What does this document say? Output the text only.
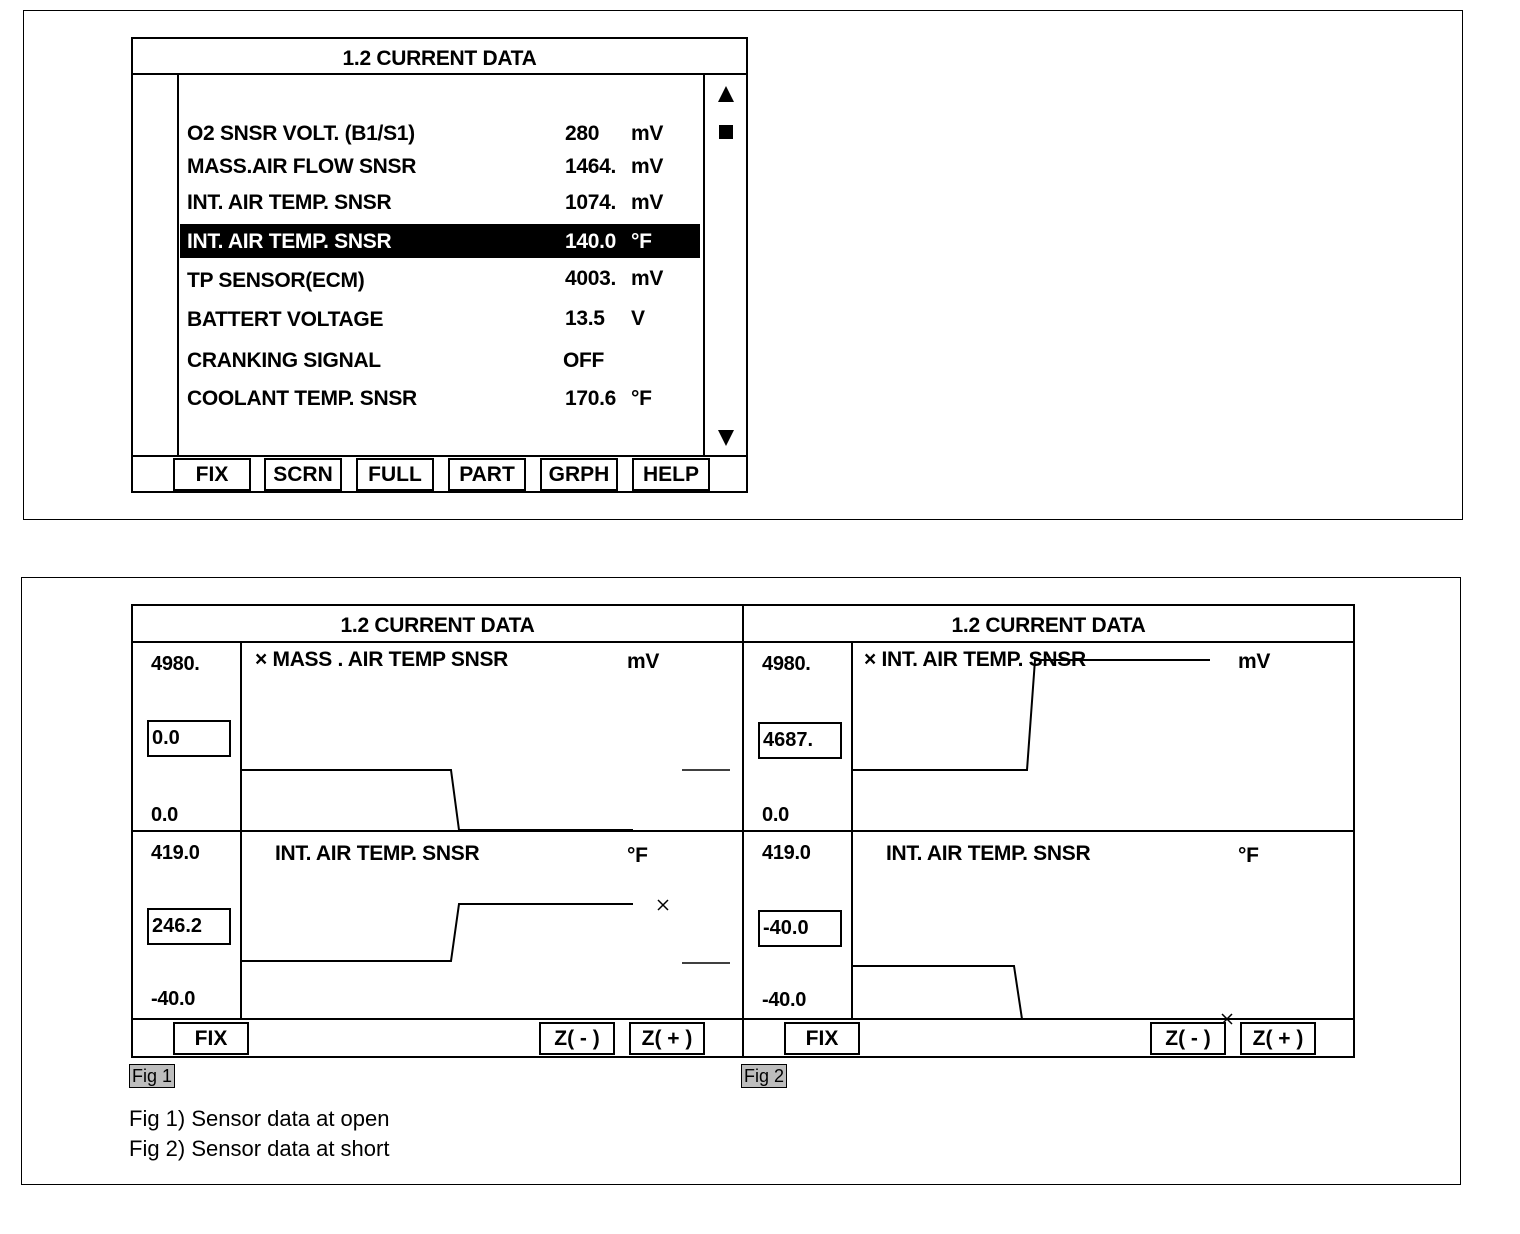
1.2 CURRENT DATA
O2 SNSR VOLT. (B1/S1)	280 mV
MASS.AIR FLOW SNSR	1464. mV
INT. AIR TEMP. SNSR	1074. mV
INT. AIR TEMP. SNSR	140.0 °F
TP SENSOR(ECM)	4003. mV
BATTERT VOLTAGE	13.5 V
CRANKING SIGNAL	OFF
COOLANT TEMP. SNSR	170.6 °F
FIX	SCRN	FULL	PART	GRPH	HELP
1.2 CURRENT DATA
4980.
0.0
0.0
× MASS . AIR TEMP SNSR	mV
419.0
246.2
-40.0
INT. AIR TEMP. SNSR	°F
FIX	Z( - )	Z( + )
1.2 CURRENT DATA
4980.
4687.
0.0
× INT. AIR TEMP. SNSR	mV
419.0
-40.0
-40.0
INT. AIR TEMP. SNSR	°F
FIX	Z( - )	Z( + )
Fig 1	Fig 2
Fig 1) Sensor data at open
Fig 2) Sensor data at short
